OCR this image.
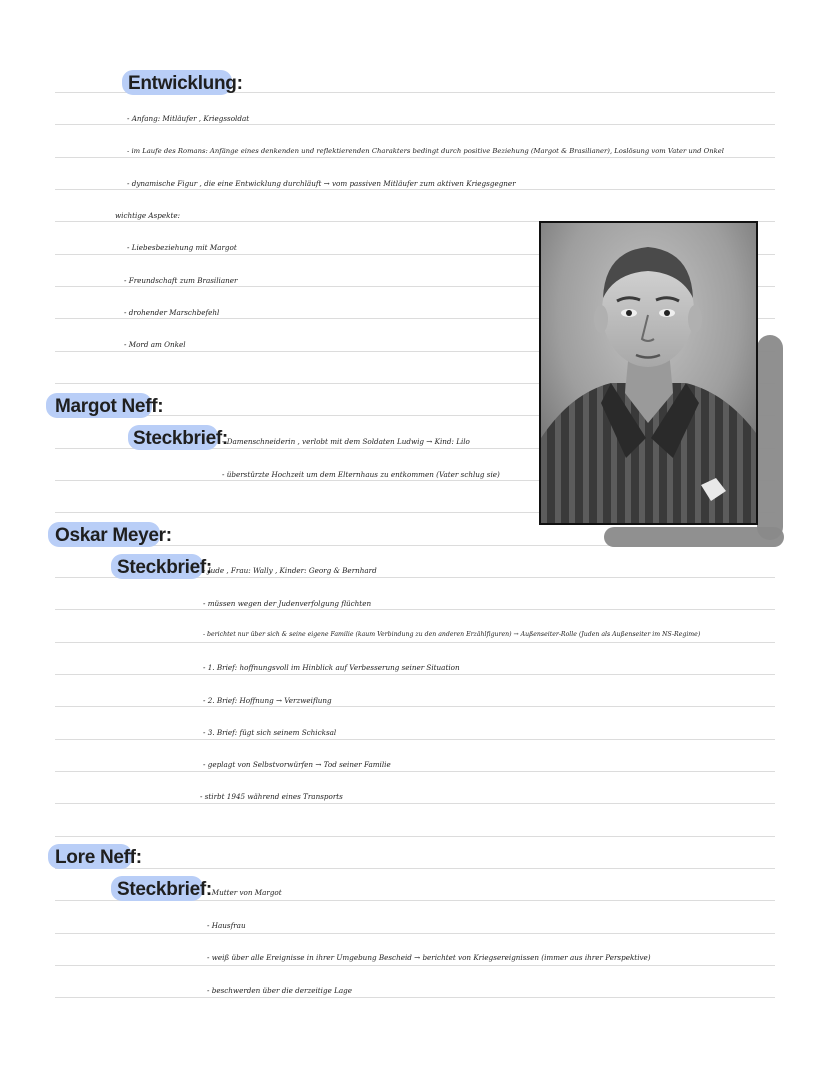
Entwicklung:
- Anfang: Mitläufer , Kriegssoldat
- im Laufe des Romans: Anfänge eines denkenden und reflektierenden Charakters bedingt durch positive Beziehung (Margot & Brasilianer), Loslösung vom Vater und Onkel
- dynamische Figur , die eine Entwicklung durchläuft → vom passiven Mitläufer zum aktiven Kriegsgegner
wichtige Aspekte:
- Liebesbeziehung mit Margot
- Freundschaft zum Brasilianer
- drohender Marschbefehl
- Mord am Onkel
Margot Neff:
Steckbrief:
- Damenschneiderin , verlobt mit dem Soldaten Ludwig → Kind: Lilo
- überstürzte Hochzeit um dem Elternhaus zu entkommen (Vater schlug sie)
Oskar Meyer:
Steckbrief:
- Jude , Frau: Wally , Kinder: Georg & Bernhard
- müssen wegen der Judenverfolgung flüchten
- berichtet nur über sich & seine eigene Familie (kaum Verbindung zu den anderen Erzählfiguren) → Außenseiter-Rolle (Juden als Außenseiter im NS-Regime)
- 1. Brief: hoffnungsvoll im Hinblick auf Verbesserung seiner Situation
- 2. Brief: Hoffnung → Verzweiflung
- 3. Brief: fügt sich seinem Schicksal
- geplagt von Selbstvorwürfen → Tod seiner Familie
- stirbt 1945 während eines Transports
Lore Neff:
Steckbrief:
- Mutter von Margot
- Hausfrau
- weiß über alle Ereignisse in ihrer Umgebung Bescheid → berichtet von Kriegsereignissen (immer aus ihrer Perspektive)
- beschwerden über die derzeitige Lage
